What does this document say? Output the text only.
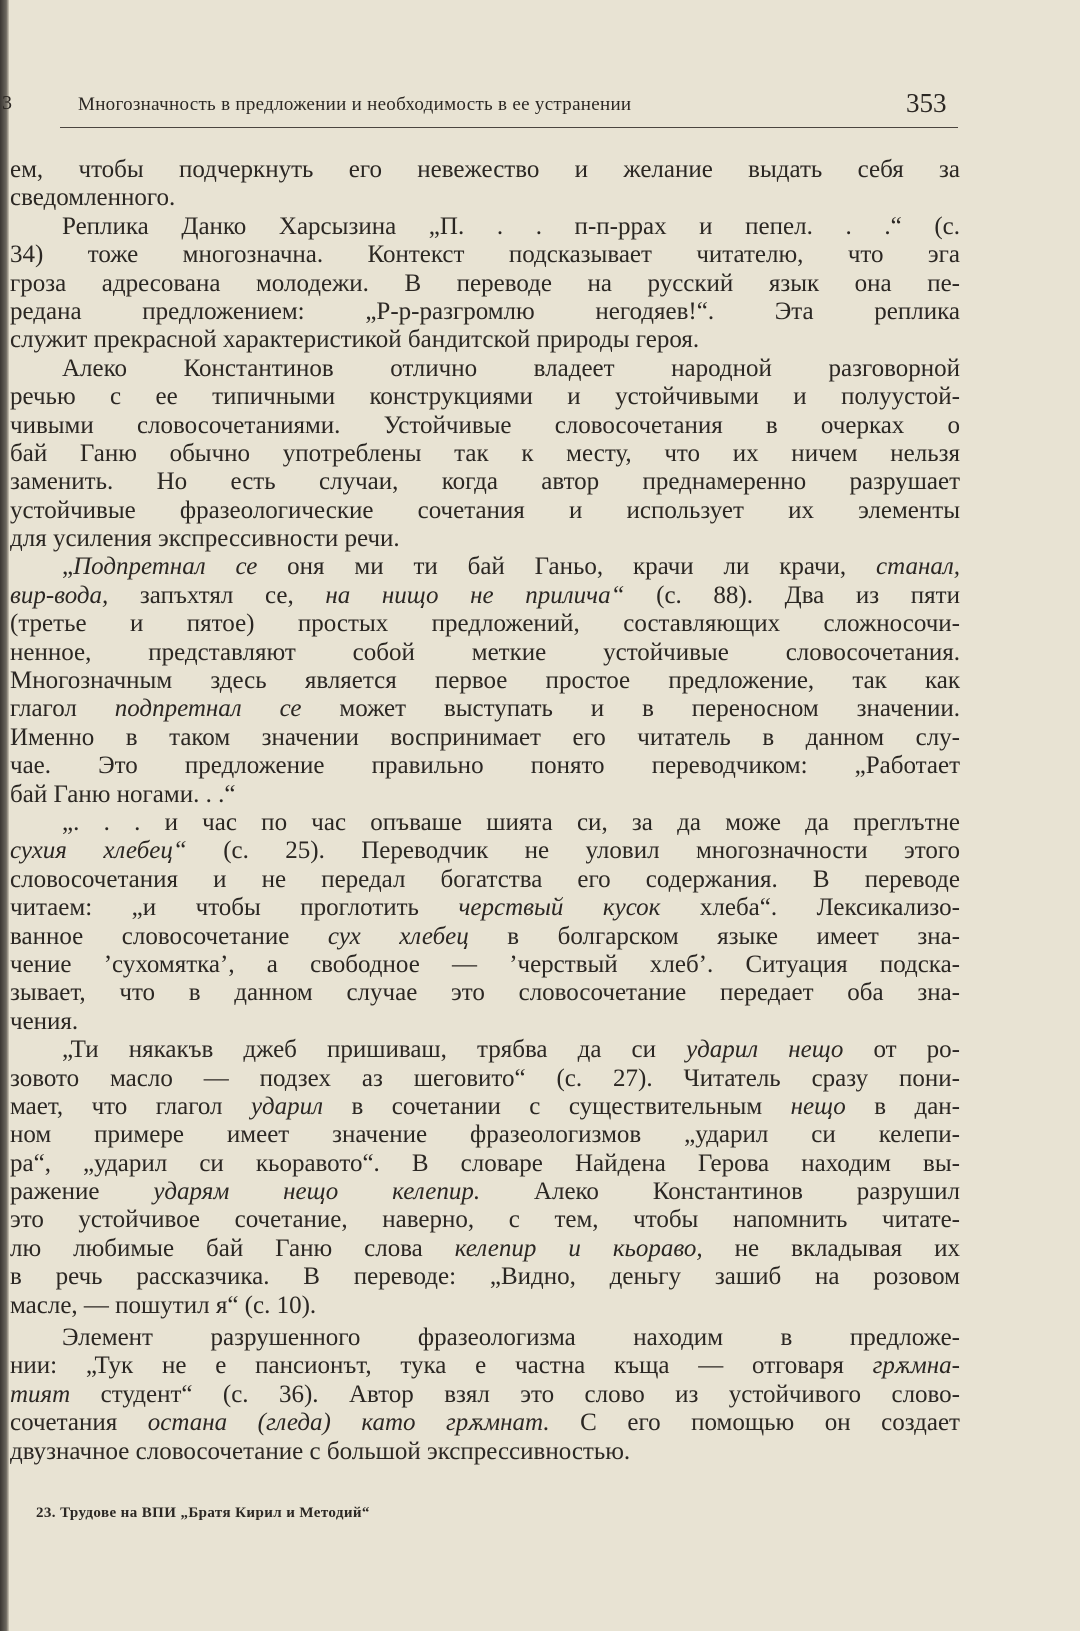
3	Многозначность в предложении и необходимость в ее устранении	353
ем, чтобы подчеркнуть его невежество и желание выдать себя за
сведомленного.
Реплика Данко Харсызина „П. . . п-п-ррах и пепел. . .“ (с.
34) тоже многозначна. Контекст подсказывает читателю, что эга
гроза адресована молодежи. В переводе на русский язык она пе-
редана предложением: „Р-р-разгромлю негодяев!“. Эта реплика
служит прекрасной характеристикой бандитской природы героя.
Алеко Константинов отлично владеет народной разговорной
речью с ее типичными конструкциями и устойчивыми и полуустой-
чивыми словосочетаниями. Устойчивые словосочетания в очерках о
бай Ганю обычно употреблены так к месту, что их ничем нельзя
заменить. Но есть случаи, когда автор преднамеренно разрушает
устойчивые фразеологические сочетания и использует их элементы
для усиления экспрессивности речи.
„Подпретнал се оня ми ти бай Ганьо, крачи ли крачи, станал,
вир-вода, запъхтял се, на нищо не прилича“ (с. 88). Два из пяти
(третье и пятое) простых предложений, составляющих сложносочи-
ненное, представляют собой меткие устойчивые словосочетания.
Многозначным здесь является первое простое предложение, так как
глагол подпретнал се может выступать и в переносном значении.
Именно в таком значении воспринимает его читатель в данном слу-
чае. Это предложение правильно понято переводчиком: „Работает
бай Ганю ногами. . .“
„. . . и час по час опъваше шията си, за да може да преглътне
сухия хлебец“ (с. 25). Переводчик не уловил многозначности этого
словосочетания и не передал богатства его содержания. В переводе
читаем: „и чтобы проглотить черствый кусок хлеба“. Лексикализо-
ванное словосочетание сух хлебец в болгарском языке имеет зна-
чение ’сухомятка’, а свободное — ’черствый хлеб’. Ситуация подска-
зывает, что в данном случае это словосочетание передает оба зна-
чения.
„Ти някакъв джеб пришиваш, трябва да си ударил нещо от ро-
зовото масло — подзех аз шеговито“ (с. 27). Читатель сразу пони-
мает, что глагол ударил в сочетании с существительным нещо в дан-
ном примере имеет значение фразеологизмов „ударил си келепи-
ра“, „ударил си кьоравото“. В словаре Найдена Герова находим вы-
ражение ударям нещо келепир. Алеко Константинов разрушил
это устойчивое сочетание, наверно, с тем, чтобы напомнить читате-
лю любимые бай Ганю слова келепир и кьораво, не вкладывая их
в речь рассказчика. В переводе: „Видно, деньгу зашиб на розовом
масле, — пошутил я“ (с. 10).
Элемент разрушенного фразеологизма находим в предложе-
нии: „Тук не е пансионът, тука е частна къща — отговаря грѫмна-
тият студент“ (с. 36). Автор взял это слово из устойчивого слово-
сочетания остана (гледа) като грѫмнат. С его помощью он создает
двузначное словосочетание с большой экспрессивностью.
23. Трудове на ВПИ „Братя Кирил и Методий“
